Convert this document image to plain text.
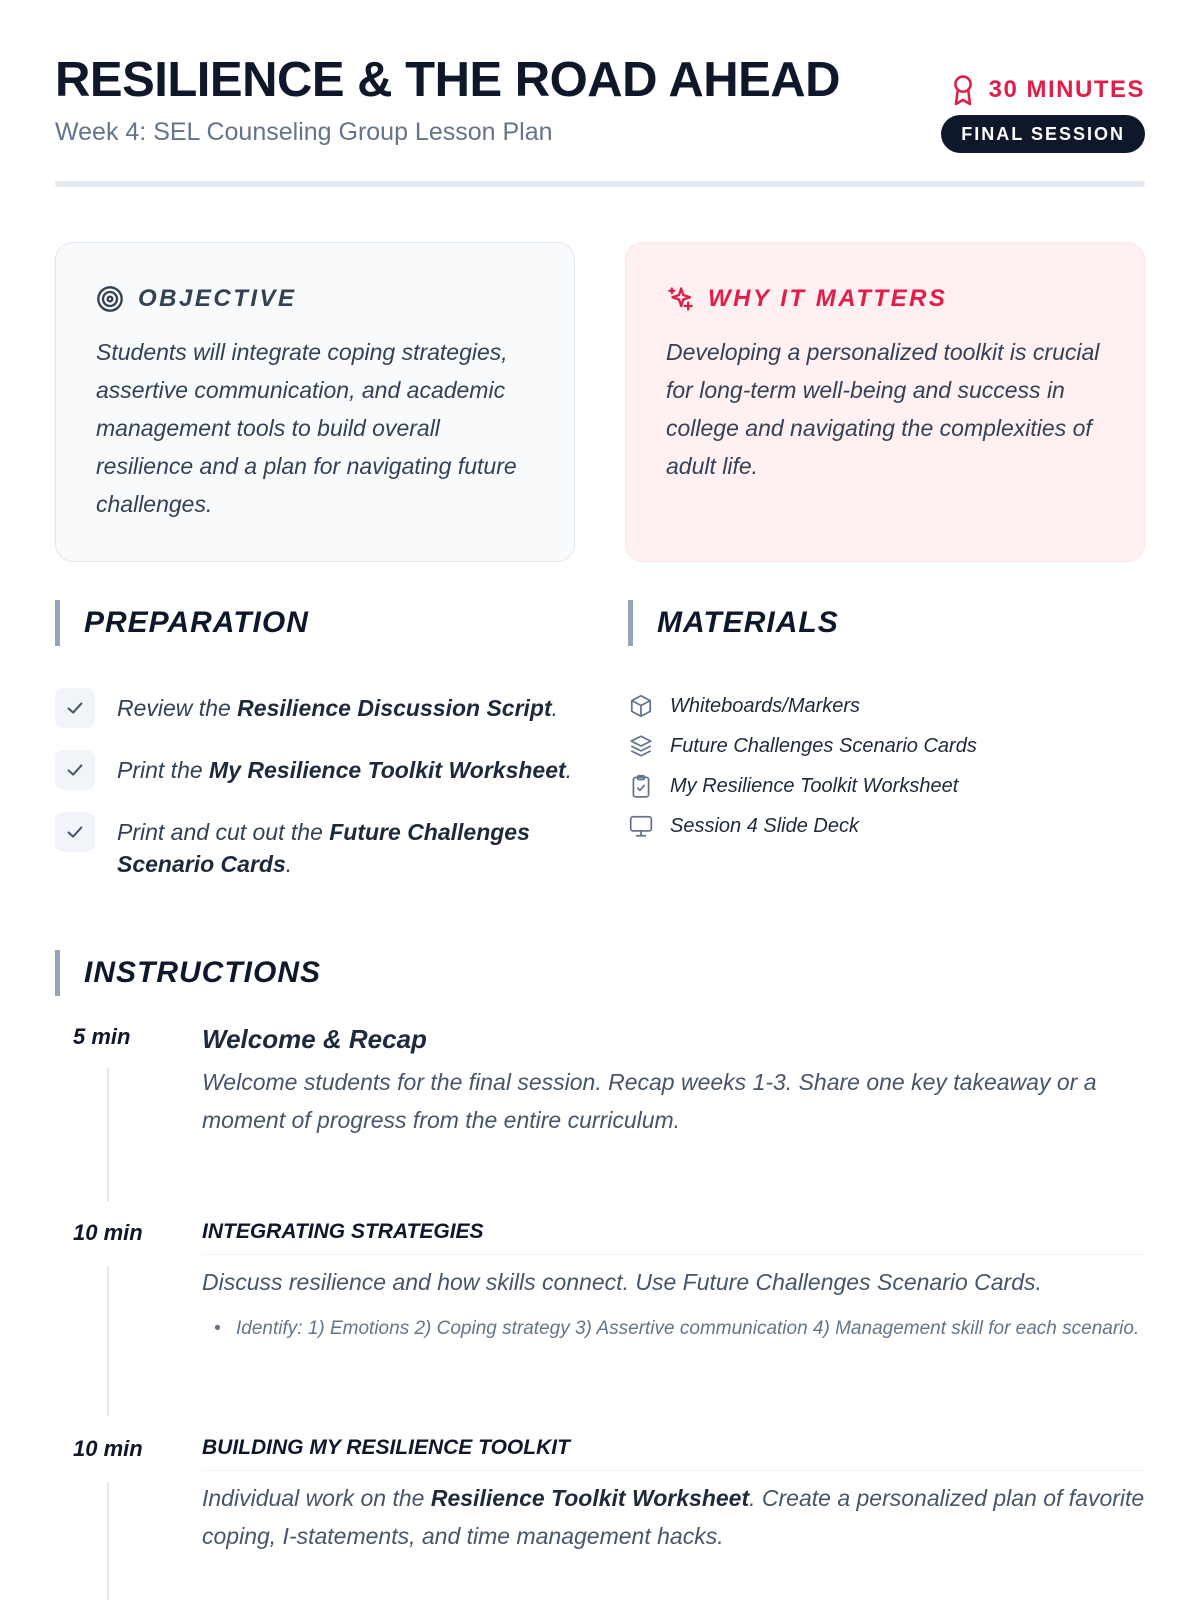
RESILIENCE & THE ROAD AHEAD
Week 4: SEL Counseling Group Lesson Plan
30 MINUTES
FINAL SESSION
OBJECTIVE
Students will integrate coping strategies, assertive communication, and academic management tools to build overall resilience and a plan for navigating future challenges.
WHY IT MATTERS
Developing a personalized toolkit is crucial for long-term well-being and success in college and navigating the complexities of adult life.
PREPARATION
Review the Resilience Discussion Script.
Print the My Resilience Toolkit Worksheet.
Print and cut out the Future Challenges Scenario Cards.
MATERIALS
Whiteboards/Markers
Future Challenges Scenario Cards
My Resilience Toolkit Worksheet
Session 4 Slide Deck
INSTRUCTIONS
5 min	Welcome & Recap
Welcome students for the final session. Recap weeks 1-3. Share one key takeaway or a moment of progress from the entire curriculum.
10 min	INTEGRATING STRATEGIES
Discuss resilience and how skills connect. Use Future Challenges Scenario Cards.
• Identify: 1) Emotions 2) Coping strategy 3) Assertive communication 4) Management skill for each scenario.
10 min	BUILDING MY RESILIENCE TOOLKIT
Individual work on the Resilience Toolkit Worksheet. Create a personalized plan of favorite coping, I-statements, and time management hacks.
